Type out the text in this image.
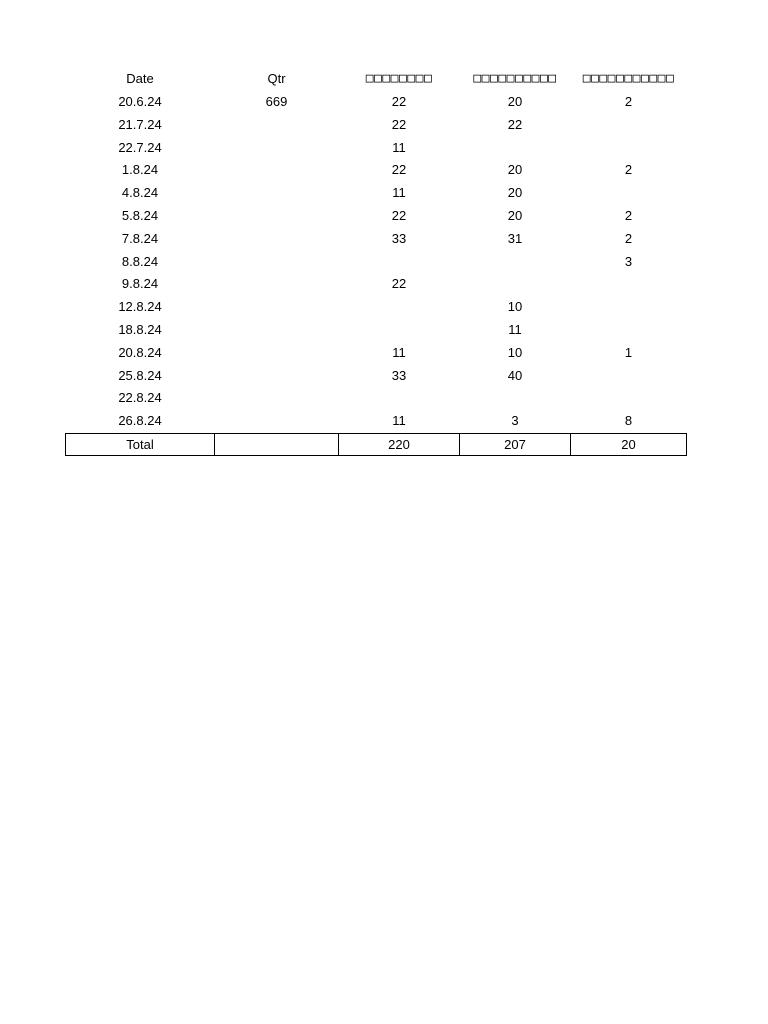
Date	Qtr	□□□□□□□□	□□□□□□□□□□	□□□□□□□□□□□
20.6.24	669	22	20	2
21.7.24		22	22	
22.7.24		11		
1.8.24		22	20	2
4.8.24		11	20	
5.8.24		22	20	2
7.8.24		33	31	2
8.8.24				3
9.8.24		22		
12.8.24			10	
18.8.24			11	
20.8.24		11	10	1
25.8.24		33	40	
22.8.24				
26.8.24		11	3	8
Total		220	207	20
